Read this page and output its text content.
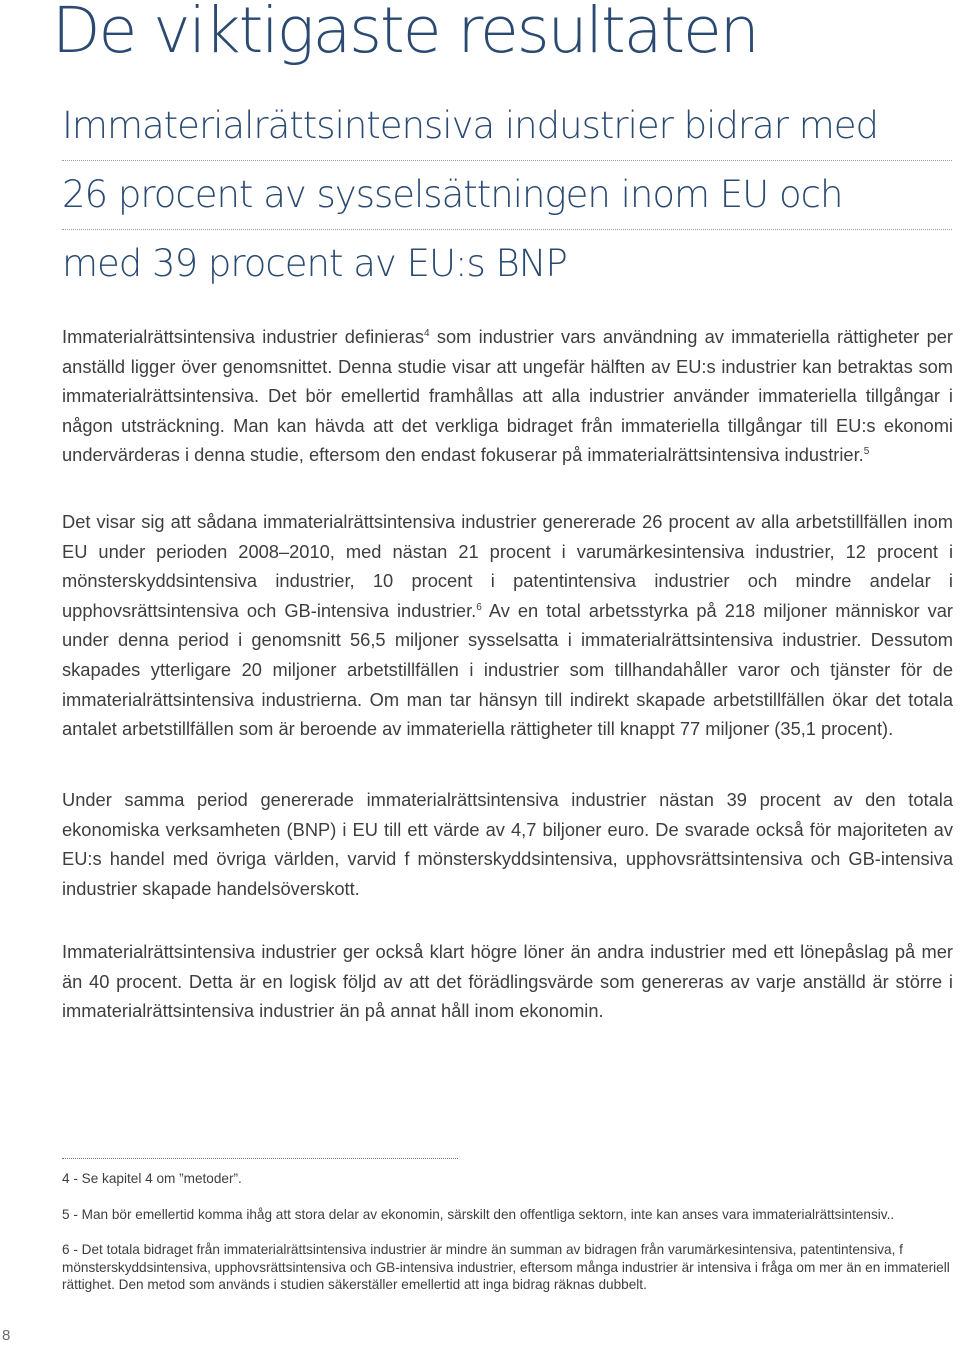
De viktigaste resultaten
Immaterialrättsintensiva industrier bidrar med
26 procent av sysselsättningen inom EU och
med 39 procent av EU:s BNP

Immaterialrättsintensiva industrier definieras$^4$ som industrier vars användning av immateriella rättigheter per anställd ligger över genomsnittet. Denna studie visar att ungefär hälften av EU:s industrier kan betraktas som immaterialrättsintensiva. Det bör emellertid framhållas att alla industrier använder immateriella tillgångar i någon utsträckning. Man kan hävda att det verkliga bidraget från immateriella tillgångar till EU:s ekonomi undervärderas i denna studie, eftersom den endast fokuserar på immaterialrättsintensiva industrier.$^5$

Det visar sig att sådana immaterialrättsintensiva industrier genererade 26 procent av alla arbetstillfällen inom EU under perioden 2008–2010, med nästan 21 procent i varumärkesintensiva industrier, 12 procent i mönsterskyddsintensiva industrier, 10 procent i patentintensiva industrier och mindre andelar i upphovsrättsintensiva och GB-intensiva industrier.$^6$ Av en total arbetsstyrka på 218 miljoner människor var under denna period i genomsnitt 56,5 miljoner sysselsatta i immaterialrättsintensiva industrier. Dessutom skapades ytterligare 20 miljoner arbetstillfällen i industrier som tillhandahåller varor och tjänster för de immaterialrättsintensiva industrierna. Om man tar hänsyn till indirekt skapade arbetstillfällen ökar det totala antalet arbetstillfällen som är beroende av immateriella rättigheter till knappt 77 miljoner (35,1 procent).

Under samma period genererade immaterialrättsintensiva industrier nästan 39 procent av den totala ekonomiska verksamheten (BNP) i EU till ett värde av 4,7 biljoner euro. De svarade också för majoriteten av EU:s handel med övriga världen, varvid f mönsterskyddsintensiva, upphovsrättsintensiva och GB-intensiva industrier skapade handelsöverskott.

Immaterialrättsintensiva industrier ger också klart högre löner än andra industrier med ett lönepåslag på mer än 40 procent. Detta är en logisk följd av att det förädlingsvärde som genereras av varje anställd är större i immaterialrättsintensiva industrier än på annat håll inom ekonomin.

4 - Se kapitel 4 om ”metoder”.

5 - Man bör emellertid komma ihåg att stora delar av ekonomin, särskilt den offentliga sektorn, inte kan anses vara immaterialrättsintensiv..

6 - Det totala bidraget från immaterialrättsintensiva industrier är mindre än summan av bidragen från varumärkesintensiva, patentintensiva, f mönsterskyddsintensiva, upphovsrättsintensiva och GB-intensiva industrier, eftersom många industrier är intensiva i fråga om mer än en immateriell rättighet. Den metod som används i studien säkerställer emellertid att inga bidrag räknas dubbelt.

8
